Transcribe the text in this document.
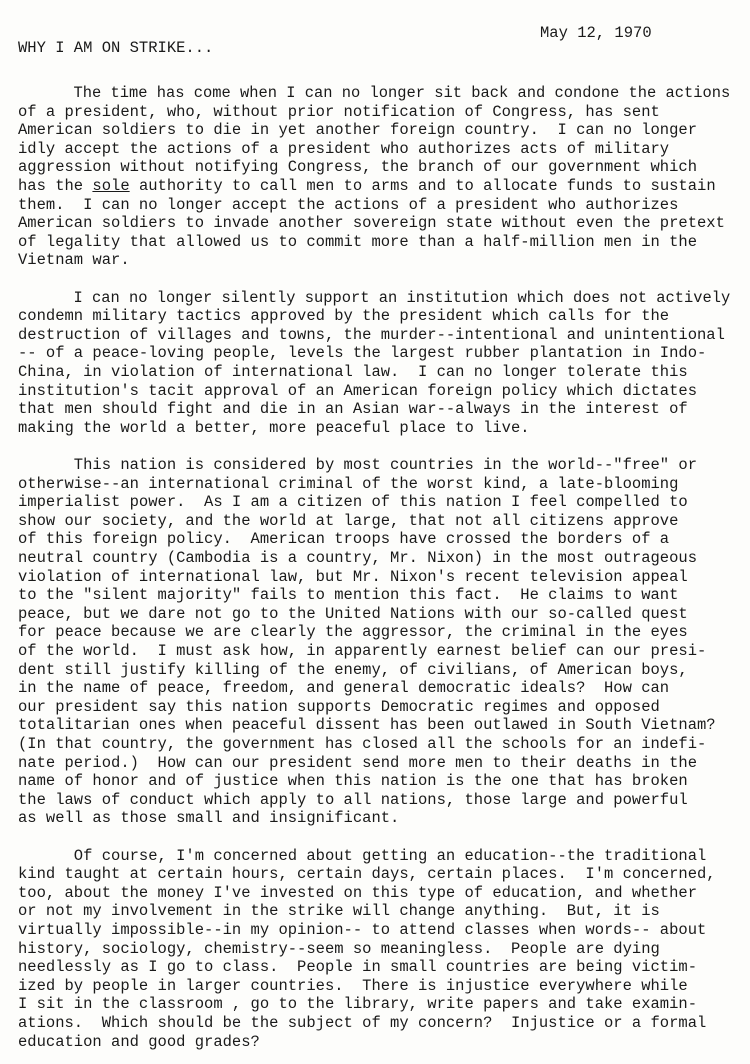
May 12, 1970
WHY I AM ON STRIKE...
The time has come when I can no longer sit back and condone the actions
of a president, who, without prior notification of Congress, has sent
American soldiers to die in yet another foreign country.  I can no longer
idly accept the actions of a president who authorizes acts of military
aggression without notifying Congress, the branch of our government which
has the sole authority to call men to arms and to allocate funds to sustain
them.  I can no longer accept the actions of a president who authorizes
American soldiers to invade another sovereign state without even the pretext
of legality that allowed us to commit more than a half-million men in the
Vietnam war.
I can no longer silently support an institution which does not actively
condemn military tactics approved by the president which calls for the
destruction of villages and towns, the murder--intentional and unintentional
-- of a peace-loving people, levels the largest rubber plantation in Indo-
China, in violation of international law.  I can no longer tolerate this
institution's tacit approval of an American foreign policy which dictates
that men should fight and die in an Asian war--always in the interest of
making the world a better, more peaceful place to live.
This nation is considered by most countries in the world--"free" or
otherwise--an international criminal of the worst kind, a late-blooming
imperialist power.  As I am a citizen of this nation I feel compelled to
show our society, and the world at large, that not all citizens approve
of this foreign policy.  American troops have crossed the borders of a
neutral country (Cambodia is a country, Mr. Nixon) in the most outrageous
violation of international law, but Mr. Nixon's recent television appeal
to the "silent majority" fails to mention this fact.  He claims to want
peace, but we dare not go to the United Nations with our so-called quest
for peace because we are clearly the aggressor, the criminal in the eyes
of the world.  I must ask how, in apparently earnest belief can our presi-
dent still justify killing of the enemy, of civilians, of American boys,
in the name of peace, freedom, and general democratic ideals?  How can
our president say this nation supports Democratic regimes and opposed
totalitarian ones when peaceful dissent has been outlawed in South Vietnam?
(In that country, the government has closed all the schools for an indefi-
nate period.)  How can our president send more men to their deaths in the
name of honor and of justice when this nation is the one that has broken
the laws of conduct which apply to all nations, those large and powerful
as well as those small and insignificant.
Of course, I'm concerned about getting an education--the traditional
kind taught at certain hours, certain days, certain places.  I'm concerned,
too, about the money I've invested on this type of education, and whether
or not my involvement in the strike will change anything.  But, it is
virtually impossible--in my opinion-- to attend classes when words-- about
history, sociology, chemistry--seem so meaningless.  People are dying
needlessly as I go to class.  People in small countries are being victim-
ized by people in larger countries.  There is injustice everywhere while
I sit in the classroom , go to the library, write papers and take examin-
ations.  Which should be the subject of my concern?  Injustice or a formal
education and good grades?
